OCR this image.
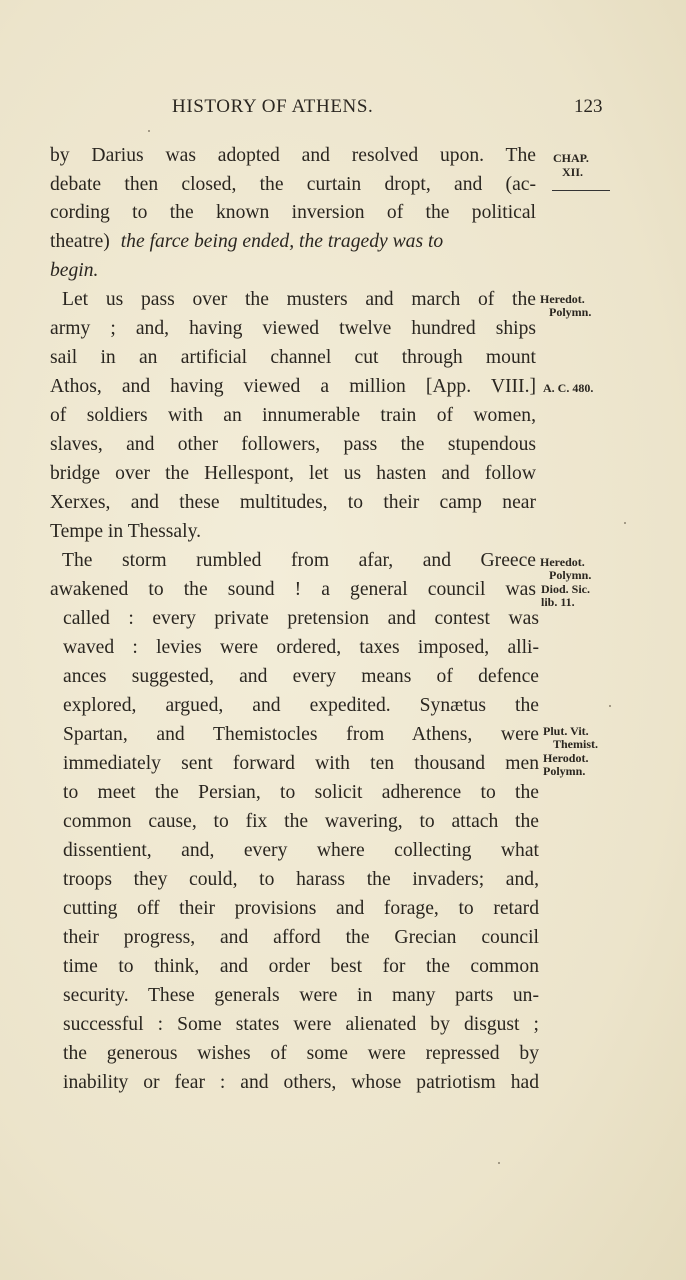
HISTORY OF ATHENS.	123
by Darius was adopted and resolved upon. The
debate then closed, the curtain dropt, and (ac-
cording to the known inversion of the political
theatre) the farce being ended, the tragedy was to
begin.
Let us pass over the musters and march of the
army ; and, having viewed twelve hundred ships
sail in an artificial channel cut through mount
Athos, and having viewed a million [App. VIII.]
of soldiers with an innumerable train of women,
slaves, and other followers, pass the stupendous
bridge over the Hellespont, let us hasten and follow
Xerxes, and these multitudes, to their camp near
Tempe in Thessaly.
The storm rumbled from afar, and Greece
awakened to the sound ! a general council was
called : every private pretension and contest was
waved : levies were ordered, taxes imposed, alli-
ances suggested, and every means of defence
explored, argued, and expedited. Synætus the
Spartan, and Themistocles from Athens, were
immediately sent forward with ten thousand men
to meet the Persian, to solicit adherence to the
common cause, to fix the wavering, to attach the
dissentient, and, every where collecting what
troops they could, to harass the invaders; and,
cutting off their provisions and forage, to retard
their progress, and afford the Grecian council
time to think, and order best for the common
security. These generals were in many parts un-
successful : Some states were alienated by disgust ;
the generous wishes of some were repressed by
inability or fear : and others, whose patriotism had
CHAP.
XII.
Heredot.
Polymn.
A. C. 480.
Heredot.
Polymn.
Diod. Sic.
lib. 11.
Plut. Vit.
Themist.
Herodot.
Polymn.
